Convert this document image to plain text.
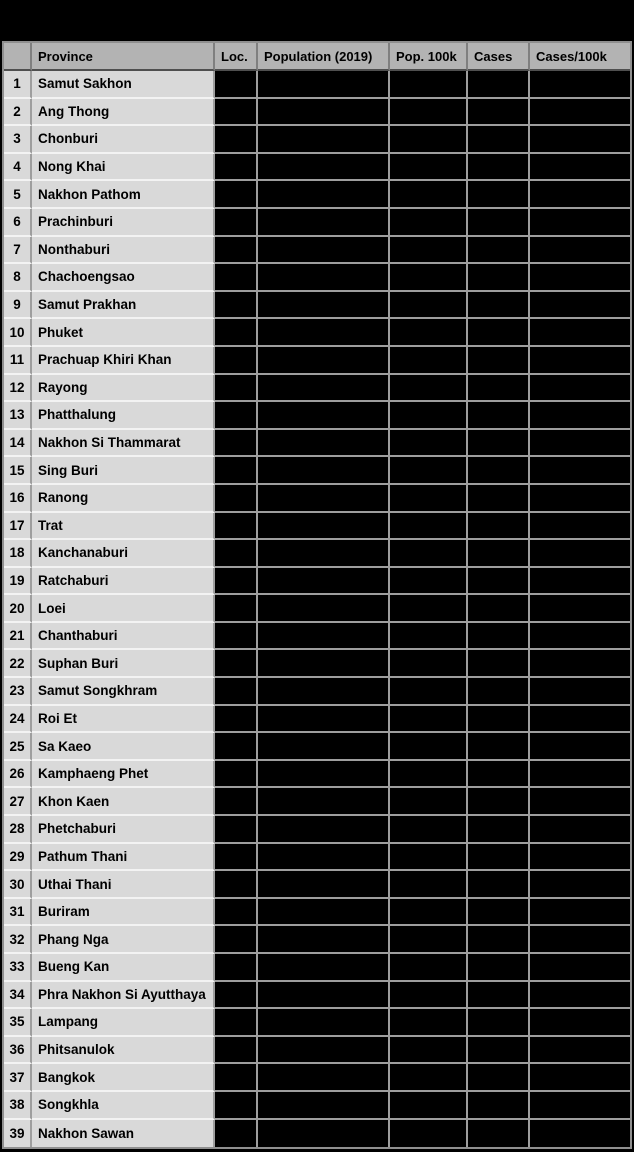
	Province	Loc.	Population (2019)	Pop. 100k	Cases	Cases/100k
1	Samut Sakhon					
2	Ang Thong					
3	Chonburi					
4	Nong Khai					
5	Nakhon Pathom					
6	Prachinburi					
7	Nonthaburi					
8	Chachoengsao					
9	Samut Prakhan					
10	Phuket					
11	Prachuap Khiri Khan					
12	Rayong					
13	Phatthalung					
14	Nakhon Si Thammarat					
15	Sing Buri					
16	Ranong					
17	Trat					
18	Kanchanaburi					
19	Ratchaburi					
20	Loei					
21	Chanthaburi					
22	Suphan Buri					
23	Samut Songkhram					
24	Roi Et					
25	Sa Kaeo					
26	Kamphaeng Phet					
27	Khon Kaen					
28	Phetchaburi					
29	Pathum Thani					
30	Uthai Thani					
31	Buriram					
32	Phang Nga					
33	Bueng Kan					
34	Phra Nakhon Si Ayutthaya					
35	Lampang					
36	Phitsanulok					
37	Bangkok					
38	Songkhla					
39	Nakhon Sawan					
